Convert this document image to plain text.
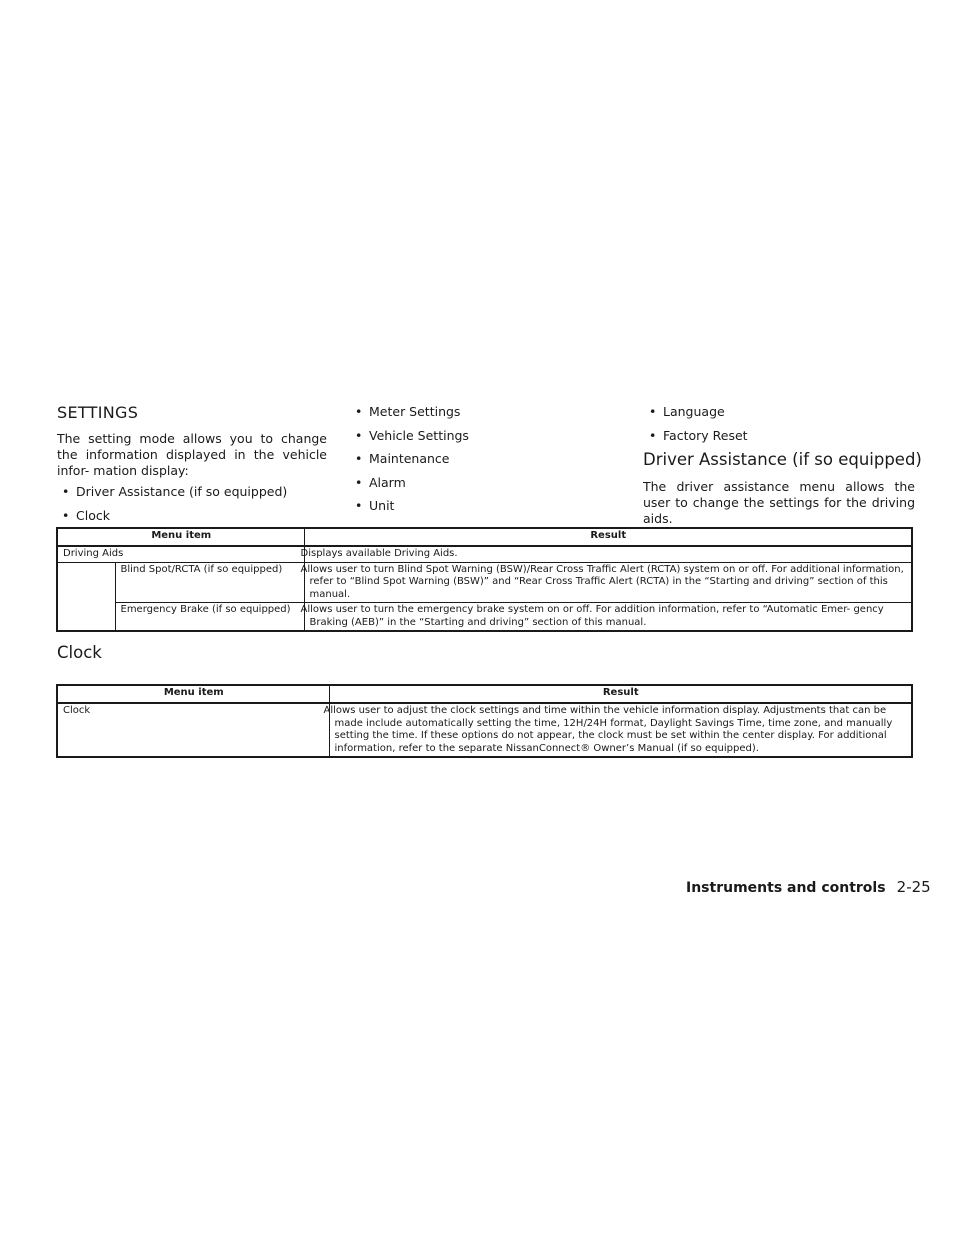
SETTINGS

The setting mode allows you to change the information displayed in the vehicle infor- mation display:

• Driver Assistance (if so equipped)
• Clock
• Meter Settings
• Vehicle Settings
• Maintenance
• Alarm
• Unit
• Language
• Factory Reset
Driver Assistance (if so equipped)

The driver assistance menu allows the user to change the settings for the driving aids.

Menu item		Result
Driving Aids		Displays available Driving Aids.
	Blind Spot/RCTA (if so equipped)	Allows user to turn Blind Spot Warning (BSW)/Rear Cross Traffic Alert (RCTA) system on or off. For additional information, refer to “Blind Spot Warning (BSW)” and “Rear Cross Traffic Alert (RCTA) in the “Starting and driving” section of this manual.
	Emergency Brake (if so equipped)	Allows user to turn the emergency brake system on or off. For addition information, refer to “Automatic Emer- gency Braking (AEB)” in the “Starting and driving” section of this manual.
Clock
Menu item	Result
Clock	Allows user to adjust the clock settings and time within the vehicle information display. Adjustments that can be made include automatically setting the time, 12H/24H format, Daylight Savings Time, time zone, and manually setting the time. If these options do not appear, the clock must be set within the center display. For additional information, refer to the separate NissanConnect® Owner’s Manual (if so equipped).
Instruments and controls 2-25
